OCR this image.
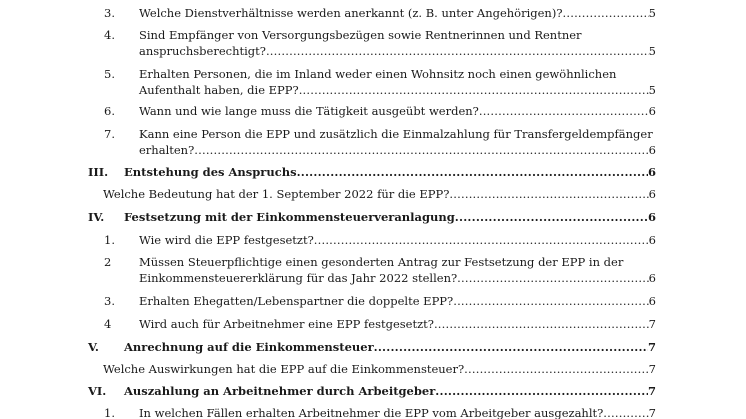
3. Welche Dienstverhältnisse werden anerkannt (z. B. unter Angehörigen)? .....	5
4. Sind Empfänger von Versorgungsbezügen sowie Rentnerinnen und Rentner
anspruchsberechtigt? .....	5
5. Erhalten Personen, die im Inland weder einen Wohnsitz noch einen gewöhnlichen
Aufenthalt haben, die EPP? .....	5
6. Wann und wie lange muss die Tätigkeit ausgeübt werden? .....	6
7. Kann eine Person die EPP und zusätzlich die Einmalzahlung für Transfergeldempfänger
erhalten? .....	6
III. Entstehung des Anspruchs .....	6
Welche Bedeutung hat der 1. September 2022 für die EPP? .....	6
IV. Festsetzung mit der Einkommensteuerveranlagung .....	6
1. Wie wird die EPP festgesetzt? .....	6
2 Müssen Steuerpflichtige einen gesonderten Antrag zur Festsetzung der EPP in der
Einkommensteuererklärung für das Jahr 2022 stellen? .....	6
3. Erhalten Ehegatten/Lebenspartner die doppelte EPP? .....	6
4 Wird auch für Arbeitnehmer eine EPP festgesetzt? .....	7
V. Anrechnung auf die Einkommensteuer .....	7
Welche Auswirkungen hat die EPP auf die Einkommensteuer? .....	7
VI. Auszahlung an Arbeitnehmer durch Arbeitgeber .....	7
1. In welchen Fällen erhalten Arbeitnehmer die EPP vom Arbeitgeber ausgezahlt? .....	7
